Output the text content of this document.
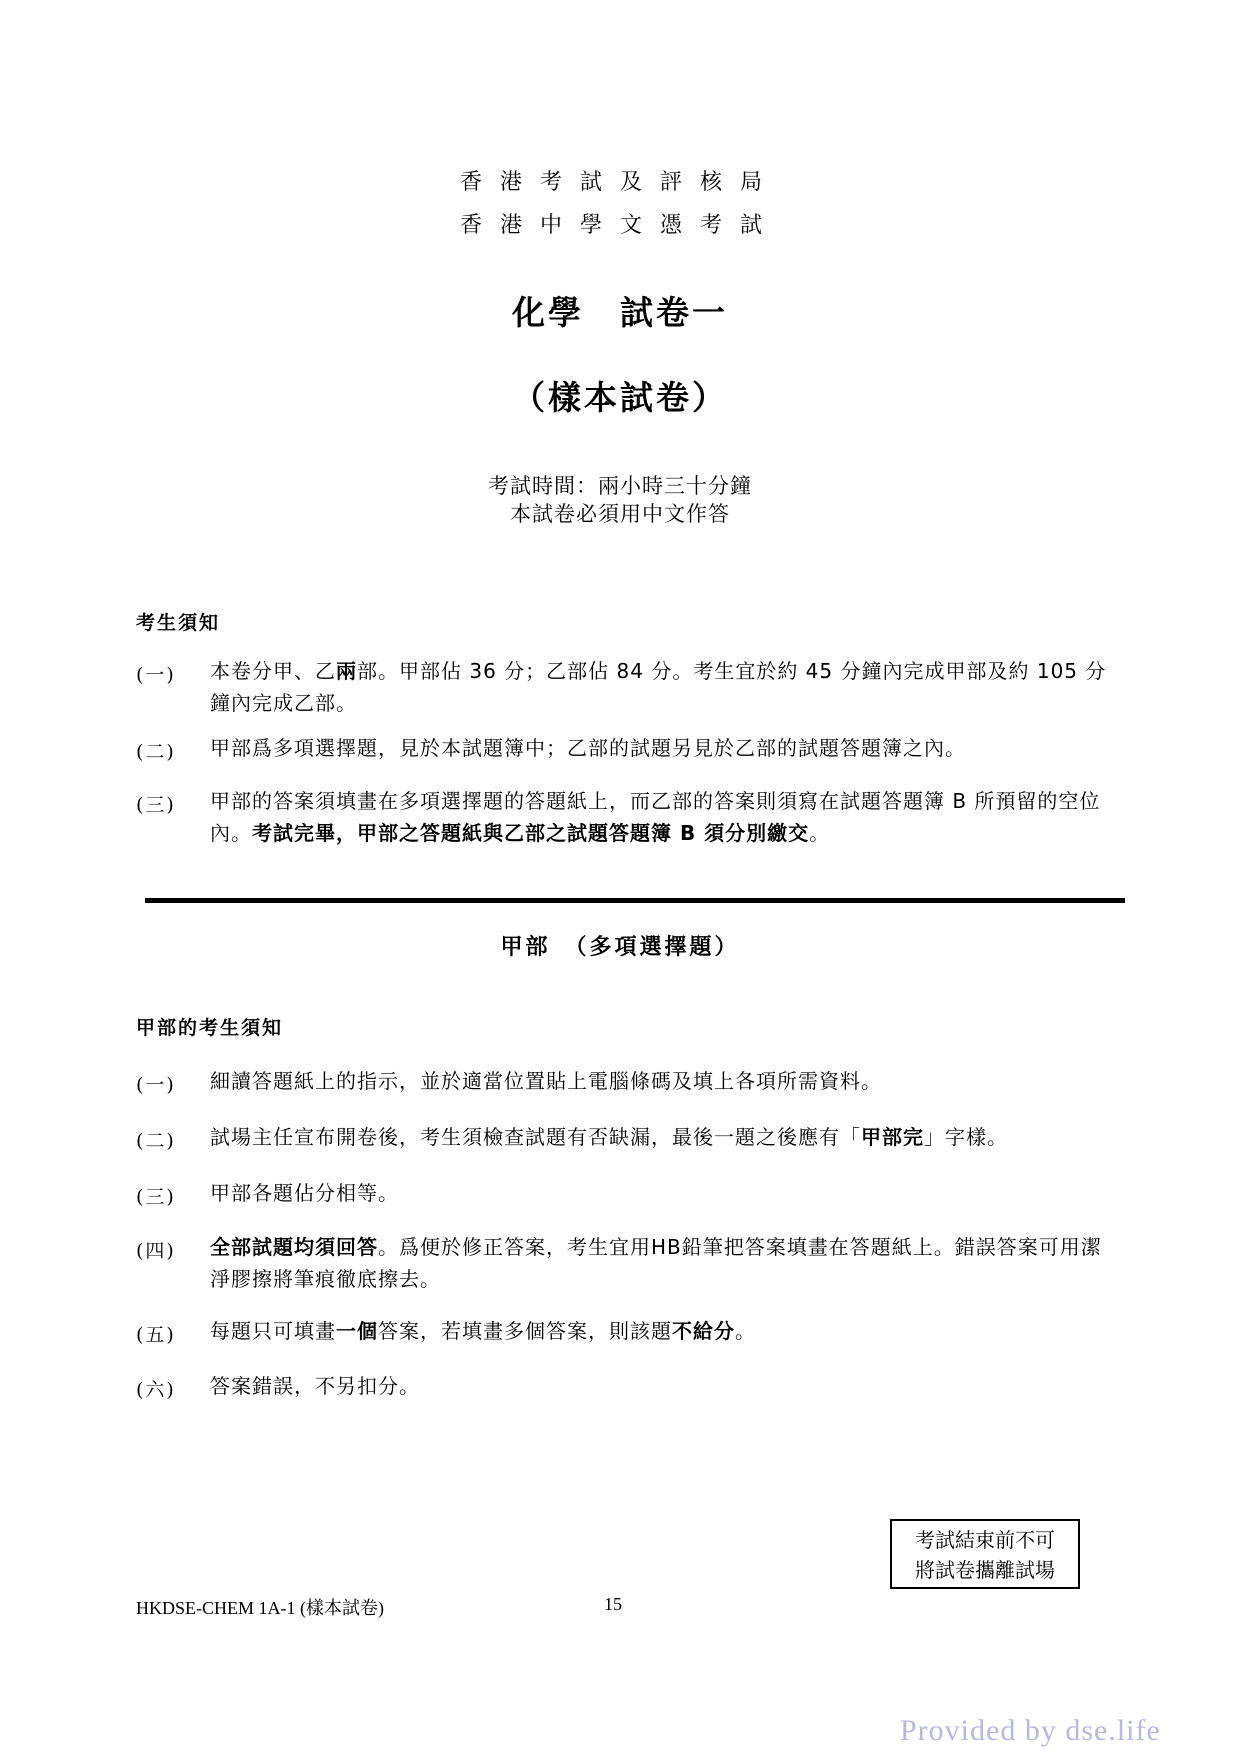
香港考試及評核局
香港中學文憑考試
化學　試卷一
（樣本試卷）
考試時間：兩小時三十分鐘
本試卷必須用中文作答
考生須知
(一) 本卷分甲、乙兩部。甲部佔 36 分；乙部佔 84 分。考生宜於約 45 分鐘內完成甲部及約 105 分鐘內完成乙部。
(二) 甲部爲多項選擇題，見於本試題簿中；乙部的試題另見於乙部的試題答題簿之內。
(三) 甲部的答案須填畫在多項選擇題的答題紙上，而乙部的答案則須寫在試題答題簿 B 所預留的空位內。考試完畢，甲部之答題紙與乙部之試題答題簿 B 須分別繳交。
甲部　（多項選擇題）
甲部的考生須知
(一) 細讀答題紙上的指示，並於適當位置貼上電腦條碼及填上各項所需資料。
(二) 試場主任宣布開卷後，考生須檢查試題有否缺漏，最後一題之後應有「甲部完」字樣。
(三) 甲部各題佔分相等。
(四) 全部試題均須回答。爲便於修正答案，考生宜用HB鉛筆把答案填畫在答題紙上。錯誤答案可用潔淨膠擦將筆痕徹底擦去。
(五) 每題只可填畫一個答案，若填畫多個答案，則該題不給分。
(六) 答案錯誤，不另扣分。
考試結束前不可
將試卷攜離試場
HKDSE-CHEM 1A-1 (樣本試卷)	15
Provided by dse.life
